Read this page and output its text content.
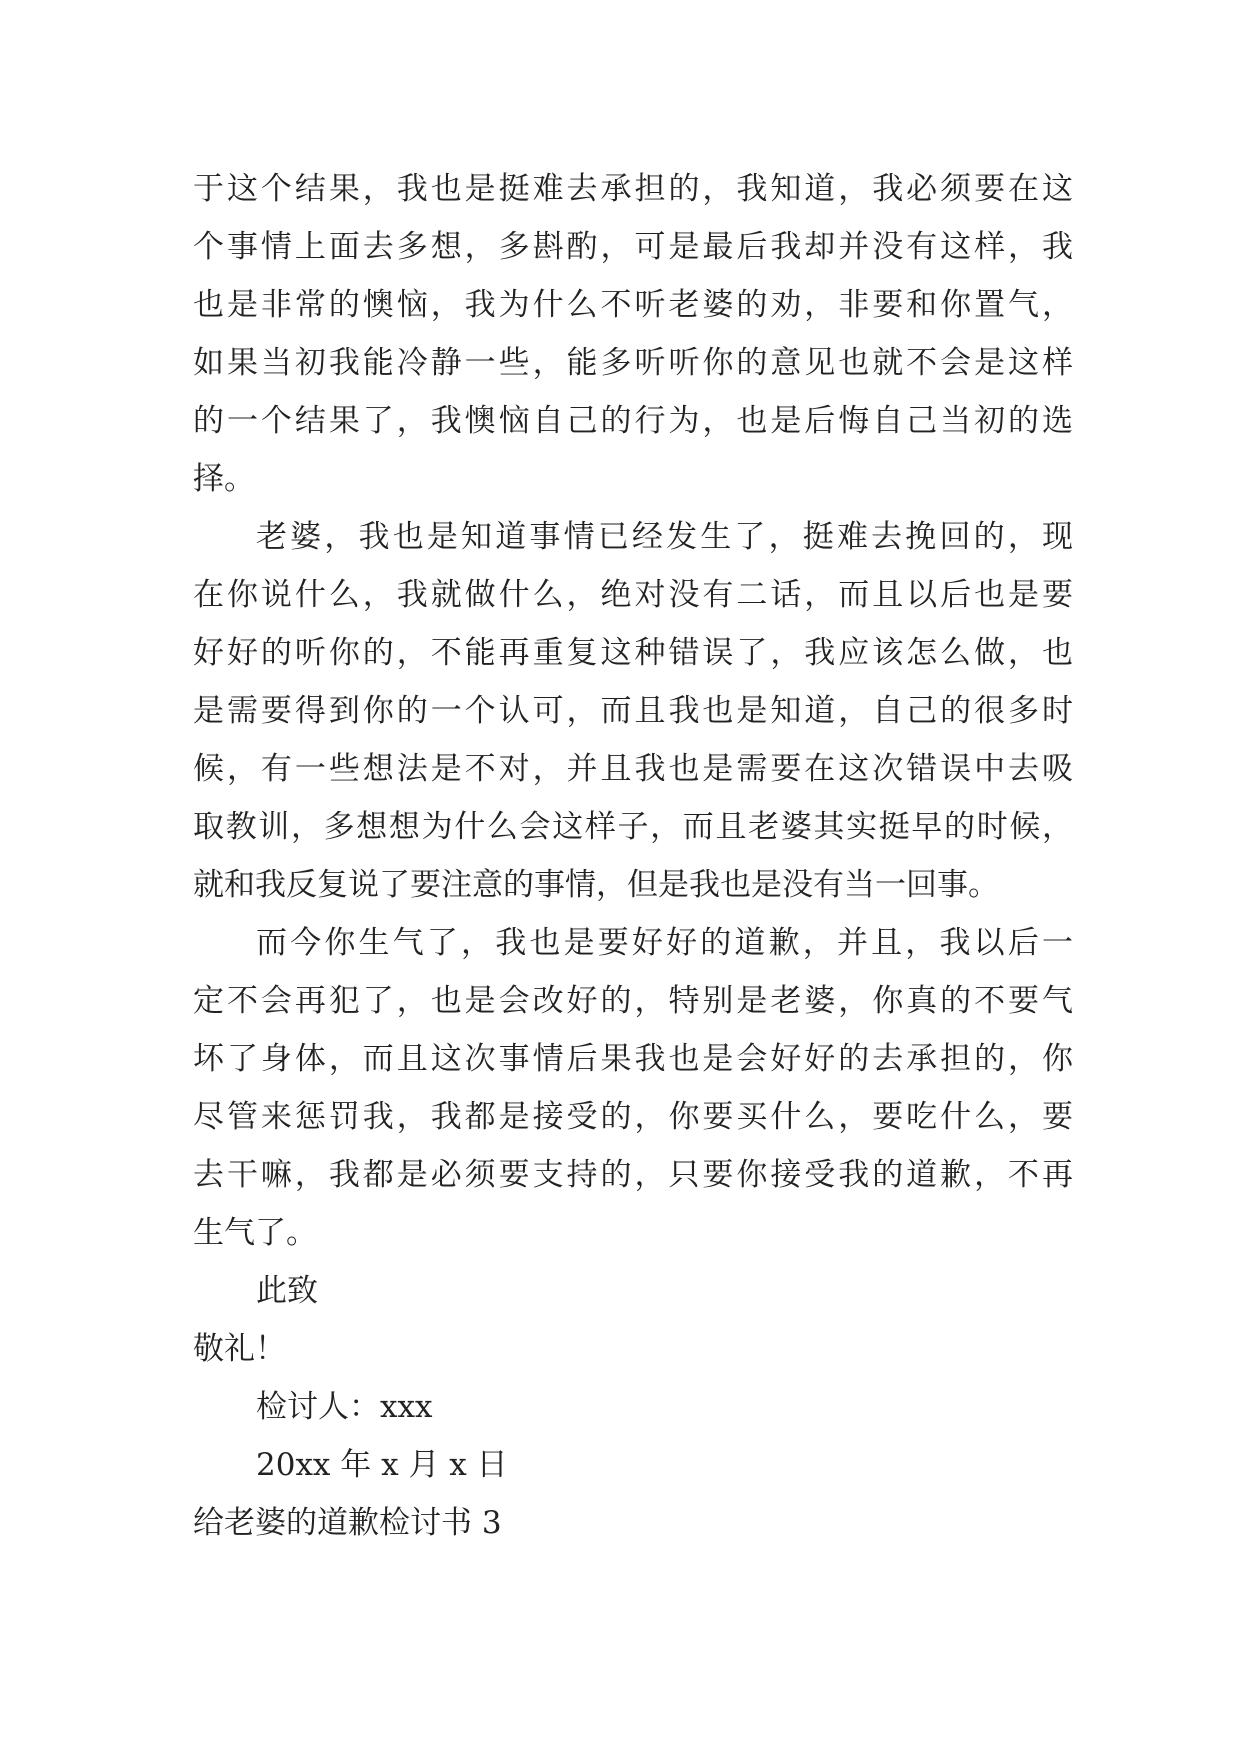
于这个结果，我也是挺难去承担的，我知道，我必须要在这
个事情上面去多想，多斟酌，可是最后我却并没有这样，我
也是非常的懊恼，我为什么不听老婆的劝，非要和你置气，
如果当初我能冷静一些，能多听听你的意见也就不会是这样
的一个结果了，我懊恼自己的行为，也是后悔自己当初的选
择。
老婆，我也是知道事情已经发生了，挺难去挽回的，现
在你说什么，我就做什么，绝对没有二话，而且以后也是要
好好的听你的，不能再重复这种错误了，我应该怎么做，也
是需要得到你的一个认可，而且我也是知道，自己的很多时
候，有一些想法是不对，并且我也是需要在这次错误中去吸
取教训，多想想为什么会这样子，而且老婆其实挺早的时候，
就和我反复说了要注意的事情，但是我也是没有当一回事。
而今你生气了，我也是要好好的道歉，并且，我以后一
定不会再犯了，也是会改好的，特别是老婆，你真的不要气
坏了身体，而且这次事情后果我也是会好好的去承担的，你
尽管来惩罚我，我都是接受的，你要买什么，要吃什么，要
去干嘛，我都是必须要支持的，只要你接受我的道歉，不再
生气了。
此致
敬礼！
检讨人：xxx
20xx 年 x 月 x 日
给老婆的道歉检讨书 3
